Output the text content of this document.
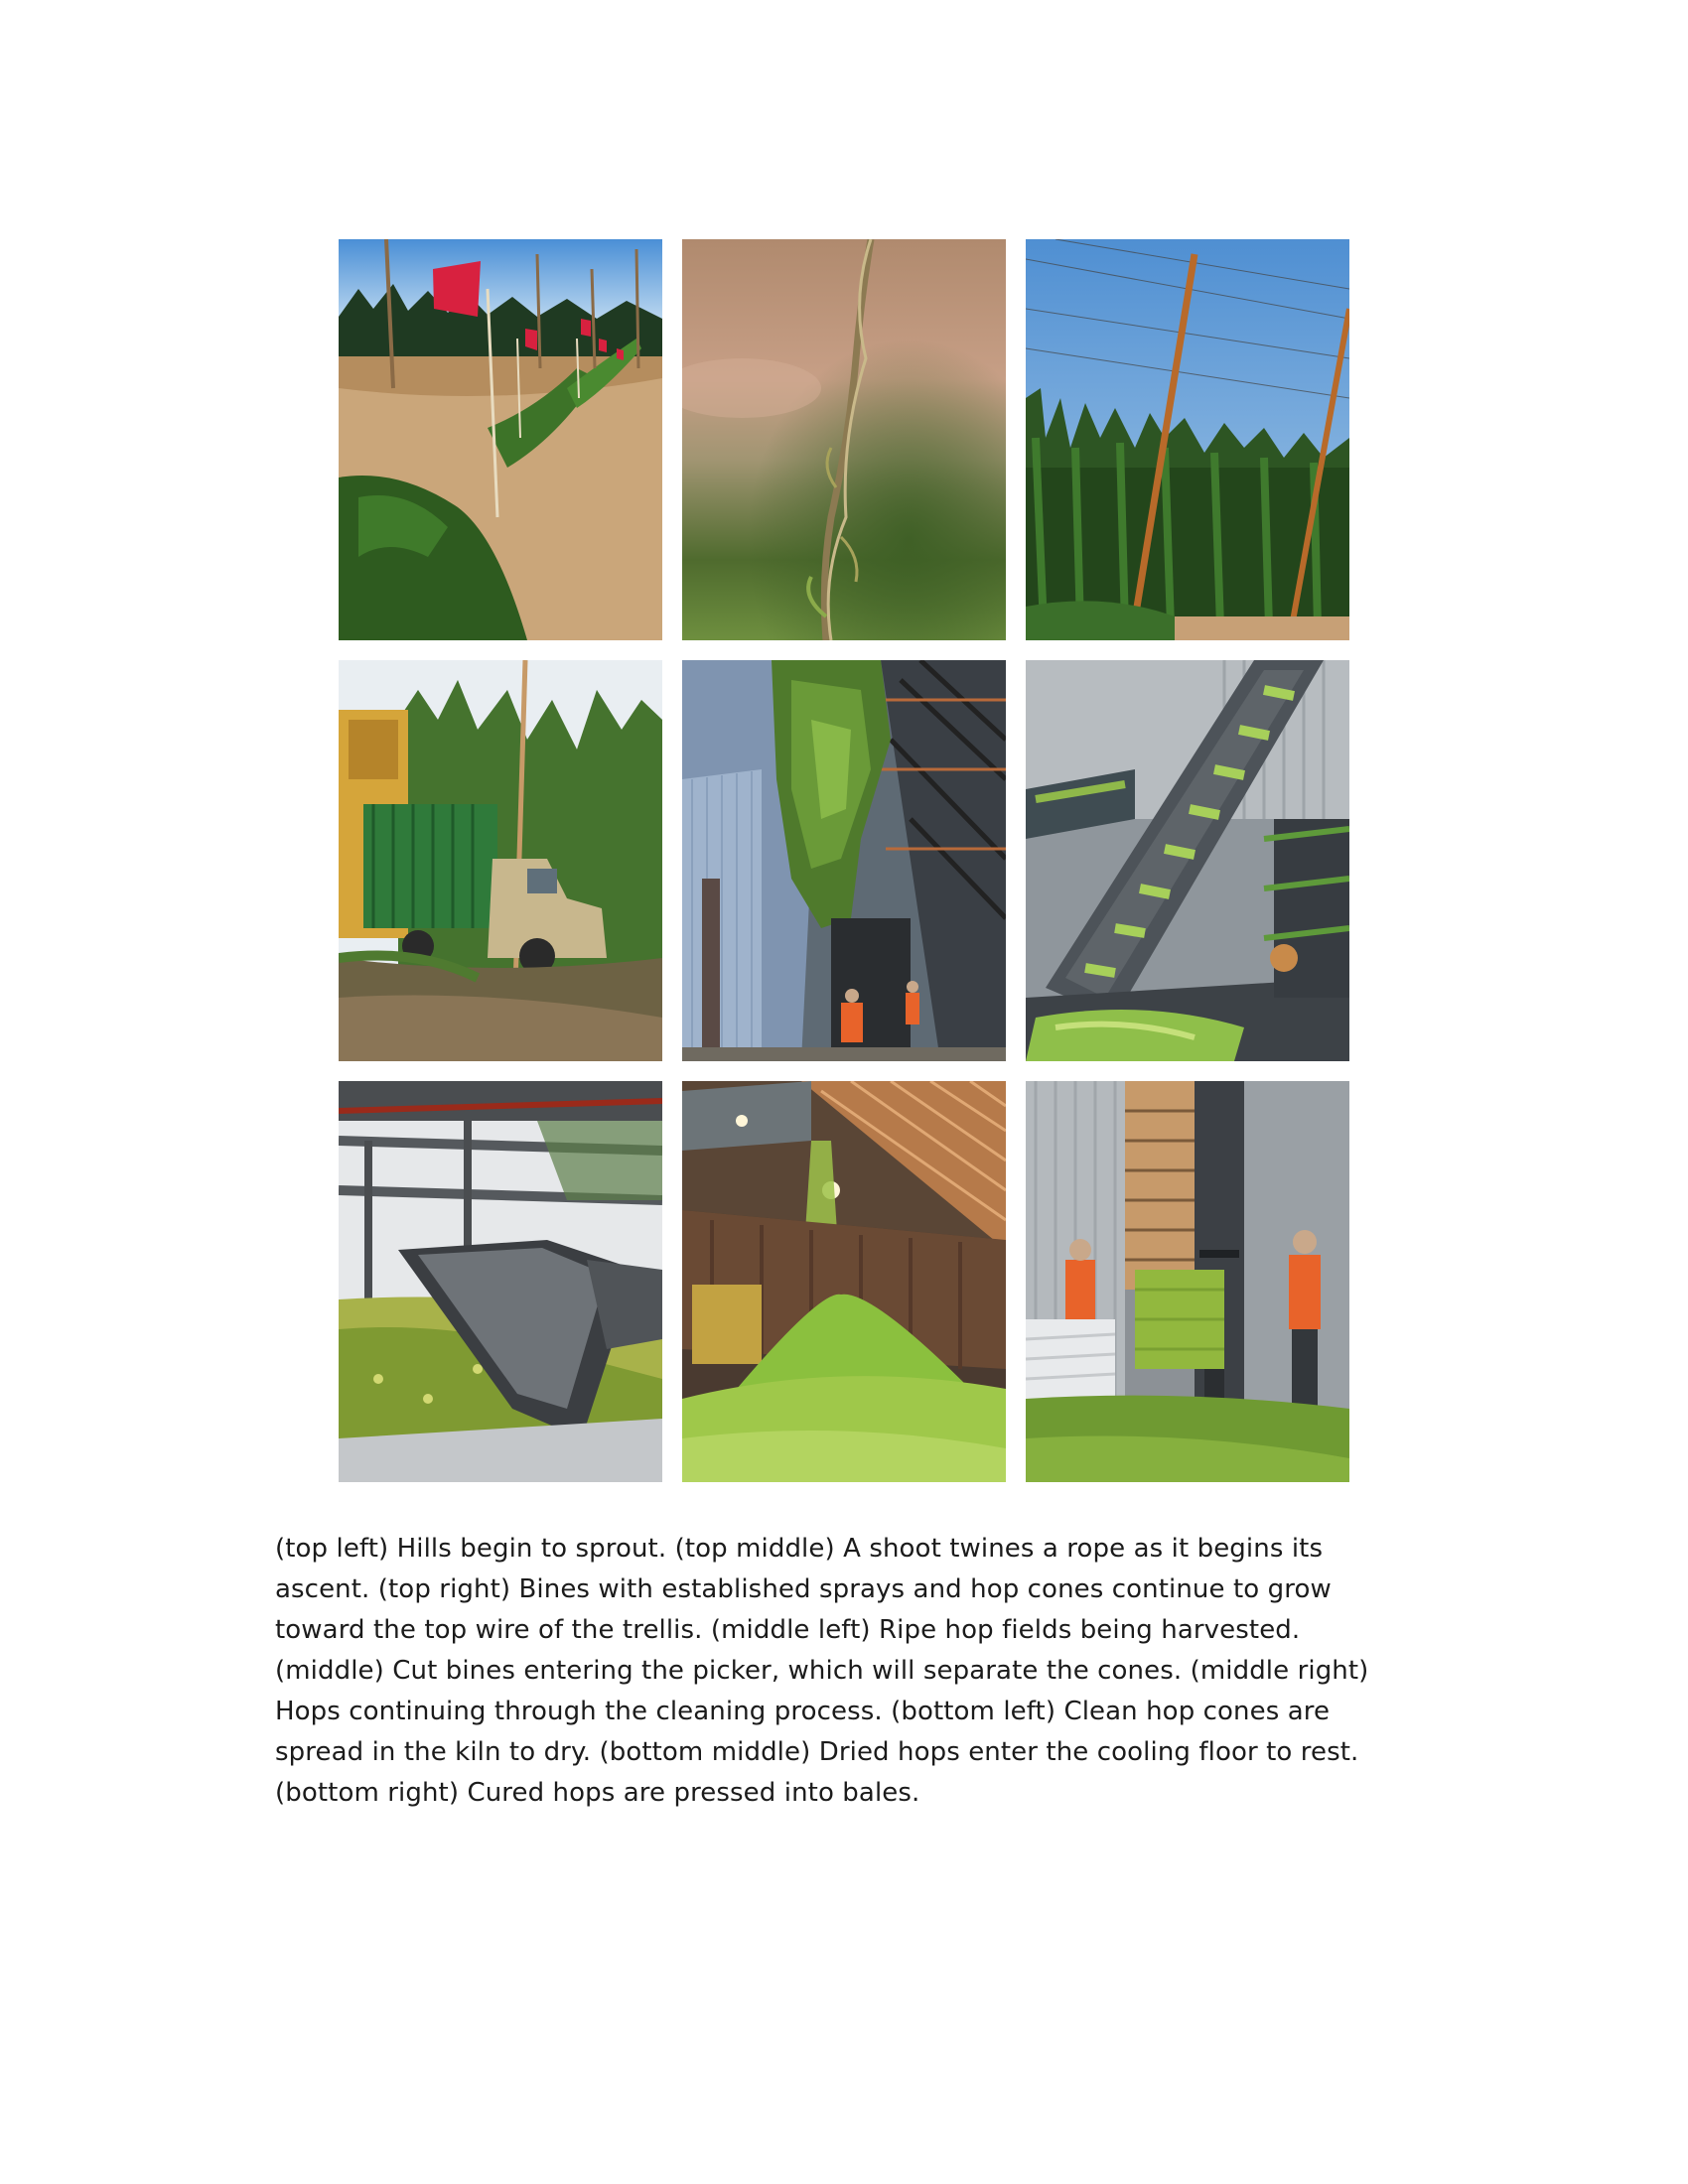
(top left) Hills begin to sprout. (top middle) A shoot twines a rope as it begins its ascent. (top right) Bines with established sprays and hop cones continue to grow toward the top wire of the trellis. (middle left) Ripe hop fields being harvested. (middle) Cut bines entering the picker, which will separate the cones. (middle right) Hops continuing through the cleaning process. (bottom left) Clean hop cones are spread in the kiln to dry. (bottom middle) Dried hops enter the cooling floor to rest. (bottom right) Cured hops are pressed into bales.
